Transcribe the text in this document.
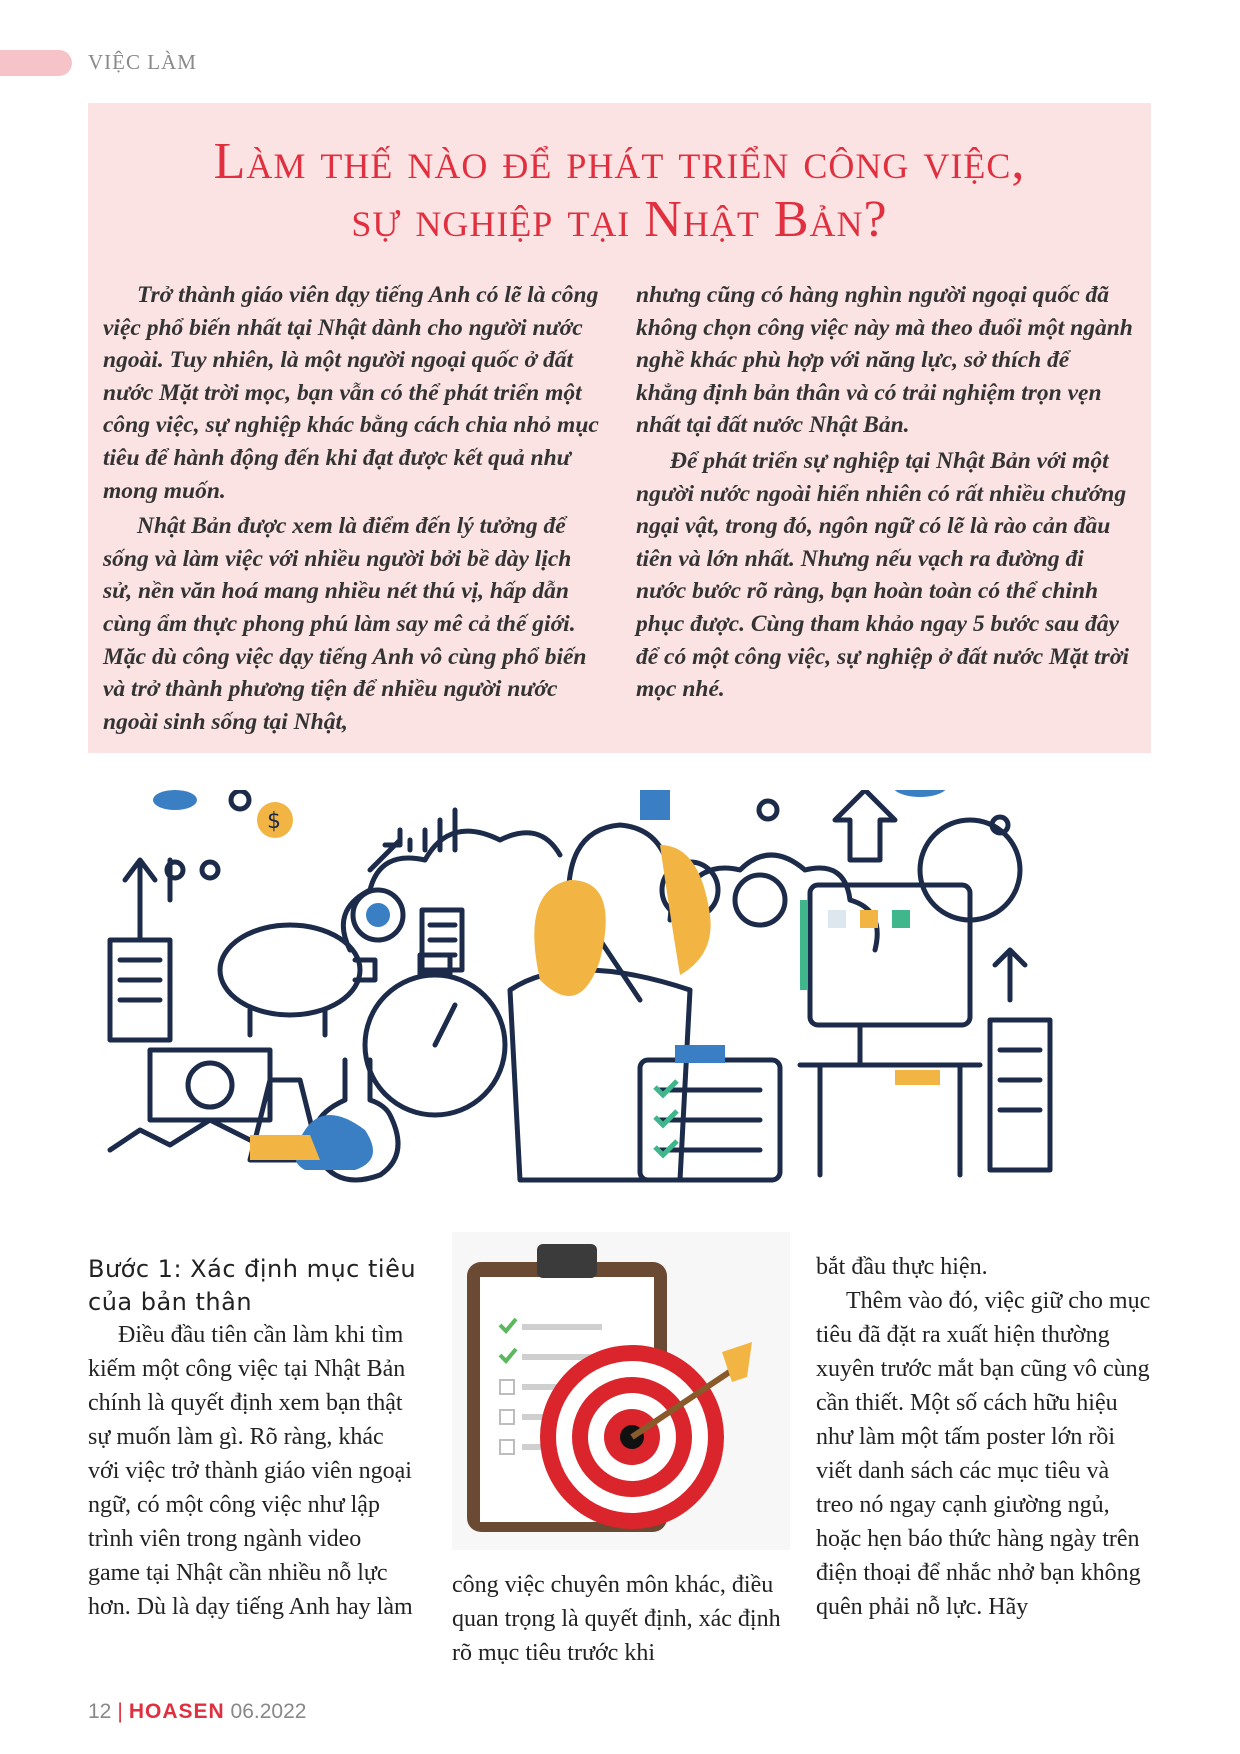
VIỆC LÀM
Làm thế nào để phát triển công việc,
sự nghiệp tại Nhật Bản?

Trở thành giáo viên dạy tiếng Anh có lẽ là công việc phổ biến nhất tại Nhật dành cho người nước ngoài. Tuy nhiên, là một người ngoại quốc ở đất nước Mặt trời mọc, bạn vẫn có thể phát triển một công việc, sự nghiệp khác bằng cách chia nhỏ mục tiêu để hành động đến khi đạt được kết quả như mong muốn.

Nhật Bản được xem là điểm đến lý tưởng để sống và làm việc với nhiều người bởi bề dày lịch sử, nền văn hoá mang nhiều nét thú vị, hấp dẫn cùng ẩm thực phong phú làm say mê cả thế giới. Mặc dù công việc dạy tiếng Anh vô cùng phổ biến và trở thành phương tiện để nhiều người nước ngoài sinh sống tại Nhật,

nhưng cũng có hàng nghìn người ngoại quốc đã không chọn công việc này mà theo đuổi một ngành nghề khác phù hợp với năng lực, sở thích để khẳng định bản thân và có trải nghiệm trọn vẹn nhất tại đất nước Nhật Bản.

Để phát triển sự nghiệp tại Nhật Bản với một người nước ngoài hiển nhiên có rất nhiều chướng ngại vật, trong đó, ngôn ngữ có lẽ là rào cản đầu tiên và lớn nhất. Nhưng nếu vạch ra đường đi nước bước rõ ràng, bạn hoàn toàn có thể chinh phục được. Cùng tham khảo ngay 5 bước sau đây để có một công việc, sự nghiệp ở đất nước Mặt trời mọc nhé.

$
Bước 1: Xác định mục tiêu của bản thân

Điều đầu tiên cần làm khi tìm kiếm một công việc tại Nhật Bản chính là quyết định xem bạn thật sự muốn làm gì. Rõ ràng, khác với việc trở thành giáo viên ngoại ngữ, có một công việc như lập trình viên trong ngành video game tại Nhật cần nhiều nỗ lực hơn. Dù là dạy tiếng Anh hay làm

công việc chuyên môn khác, điều quan trọng là quyết định, xác định rõ mục tiêu trước khi

bắt đầu thực hiện.

Thêm vào đó, việc giữ cho mục tiêu đã đặt ra xuất hiện thường xuyên trước mắt bạn cũng vô cùng cần thiết. Một số cách hữu hiệu như làm một tấm poster lớn rồi viết danh sách các mục tiêu và treo nó ngay cạnh giường ngủ, hoặc hẹn báo thức hàng ngày trên điện thoại để nhắc nhở bạn không quên phải nỗ lực. Hãy

12 | HOASEN 06.2022
